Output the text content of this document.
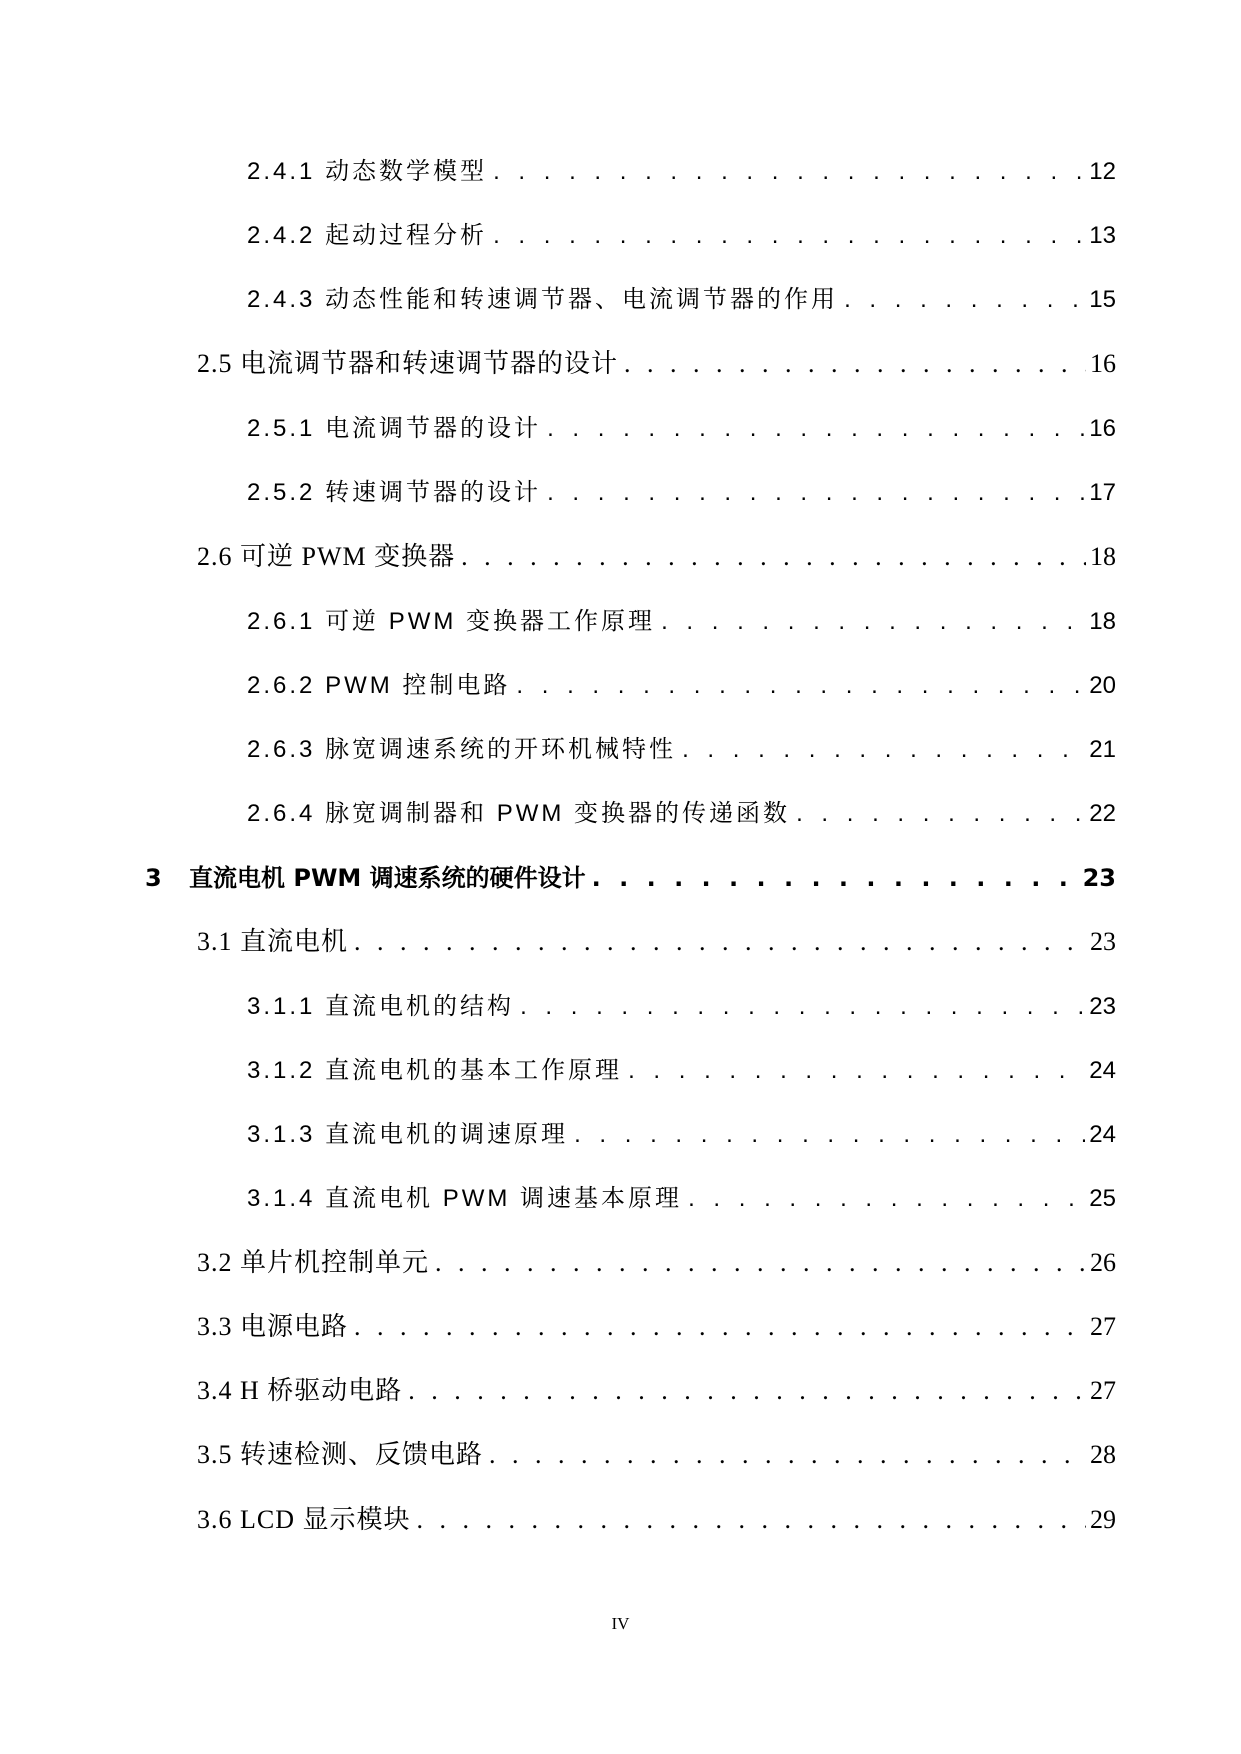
2.4.1 动态数学模型 . . .	12
2.4.2 起动过程分析 . . .	13
2.4.3 动态性能和转速调节器、电流调节器的作用 . . .	15
2.5 电流调节器和转速调节器的设计 . . .	16
2.5.1 电流调节器的设计 . . .	16
2.5.2 转速调节器的设计 . . .	17
2.6 可逆 PWM 变换器 . . .	18
2.6.1 可逆 PWM 变换器工作原理 . . .	18
2.6.2 PWM 控制电路 . . .	20
2.6.3 脉宽调速系统的开环机械特性 . . .	21
2.6.4 脉宽调制器和 PWM 变换器的传递函数 . . .	22
3 直流电机 PWM 调速系统的硬件设计 . . .	23
3.1 直流电机 . . .	23
3.1.1 直流电机的结构 . . .	23
3.1.2 直流电机的基本工作原理 . . .	24
3.1.3 直流电机的调速原理 . . .	24
3.1.4 直流电机 PWM 调速基本原理 . . .	25
3.2 单片机控制单元 . . .	26
3.3 电源电路 . . .	27
3.4 H 桥驱动电路 . . .	27
3.5 转速检测、反馈电路 . . .	28
3.6 LCD 显示模块 . . .	29
IV
